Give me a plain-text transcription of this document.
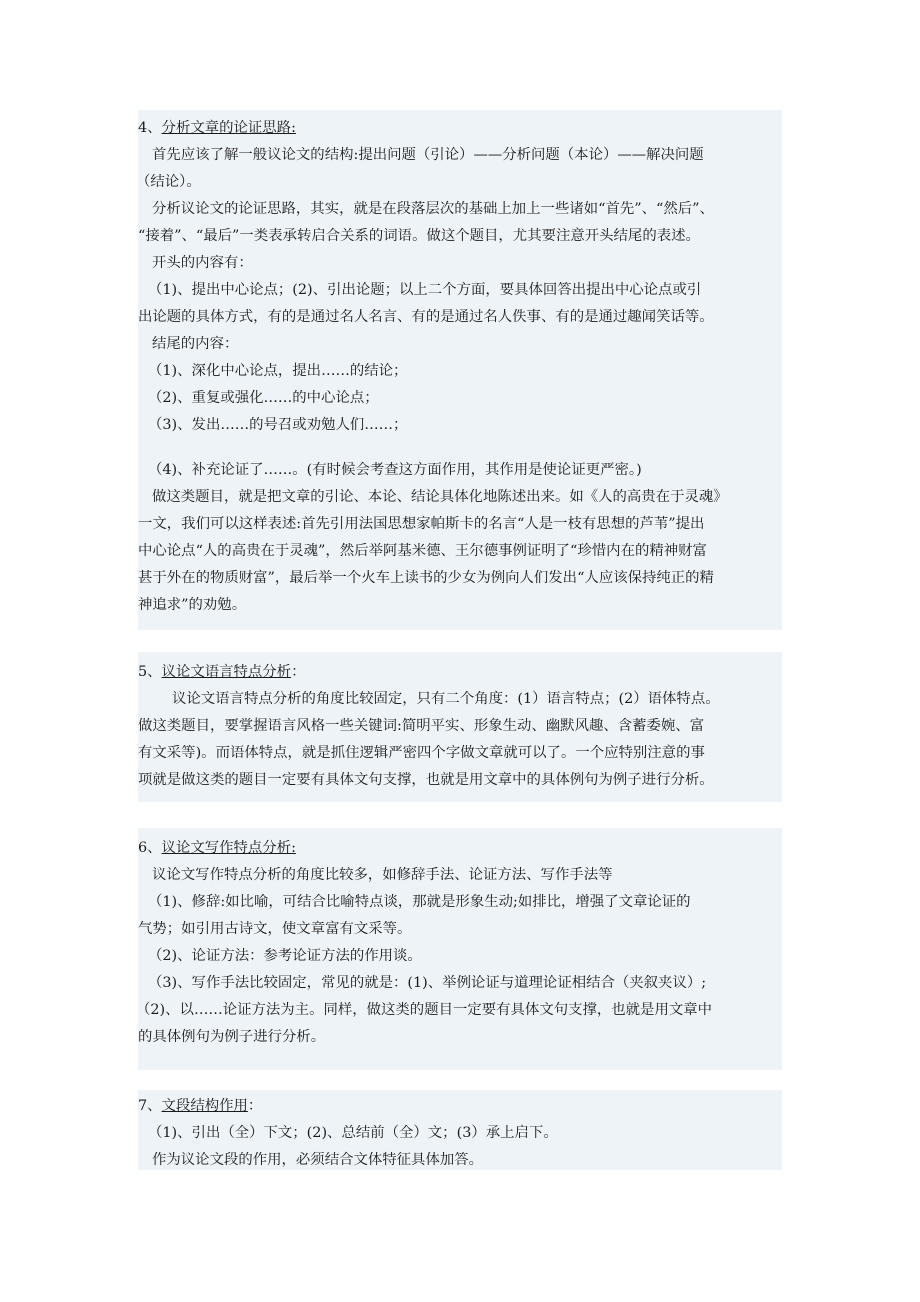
4、分析文章的论证思路:
首先应该了解一般议论文的结构:提出问题（引论）——分析问题（本论）——解决问题
（结论）。
分析议论文的论证思路，其实，就是在段落层次的基础上加上一些诸如“首先”、“然后”、
“接着”、“最后”一类表承转启合关系的词语。做这个题目，尤其要注意开头结尾的表述。
开头的内容有：
（1)、提出中心论点；(2)、引出论题；以上二个方面，要具体回答出提出中心论点或引
出论题的具体方式，有的是通过名人名言、有的是通过名人佚事、有的是通过趣闻笑话等。
结尾的内容：
（1)、深化中心论点，提出……的结论；
（2)、重复或强化……的中心论点；
（3)、发出……的号召或劝勉人们……；
（4)、补充论证了……。(有时候会考查这方面作用，其作用是使论证更严密。)
做这类题目，就是把文章的引论、本论、结论具体化地陈述出来。如《人的高贵在于灵魂》
一文，我们可以这样表述:首先引用法国思想家帕斯卡的名言“人是一枝有思想的芦苇”提出
中心论点“人的高贵在于灵魂”，然后举阿基米德、王尔德事例证明了“珍惜内在的精神财富
甚于外在的物质财富”，最后举一个火车上读书的少女为例向人们发出“人应该保持纯正的精
神追求”的劝勉。
5、议论文语言特点分析：
议论文语言特点分析的角度比较固定，只有二个角度：(1）语言特点；(2）语体特点。
做这类题目，要掌握语言风格一些关键词:简明平实、形象生动、幽默风趣、含蓄委婉、富
有文采等)。而语体特点，就是抓住逻辑严密四个字做文章就可以了。一个应特别注意的事
项就是做这类的题目一定要有具体文句支撑，也就是用文章中的具体例句为例子进行分析。
6、议论文写作特点分析:
议论文写作特点分析的角度比较多，如修辞手法、论证方法、写作手法等
（1)、修辞:如比喻，可结合比喻特点谈，那就是形象生动;如排比，增强了文章论证的
气势；如引用古诗文，使文章富有文采等。
（2)、论证方法：参考论证方法的作用谈。
（3)、写作手法比较固定，常见的就是：(1)、举例论证与道理论证相结合（夹叙夹议）;
（2)、以……论证方法为主。同样，做这类的题目一定要有具体文句支撑，也就是用文章中
的具体例句为例子进行分析。
7、文段结构作用：
（1)、引出（全）下文；(2)、总结前（全）文；(3）承上启下。
作为议论文段的作用，必须结合文体特征具体加答。
